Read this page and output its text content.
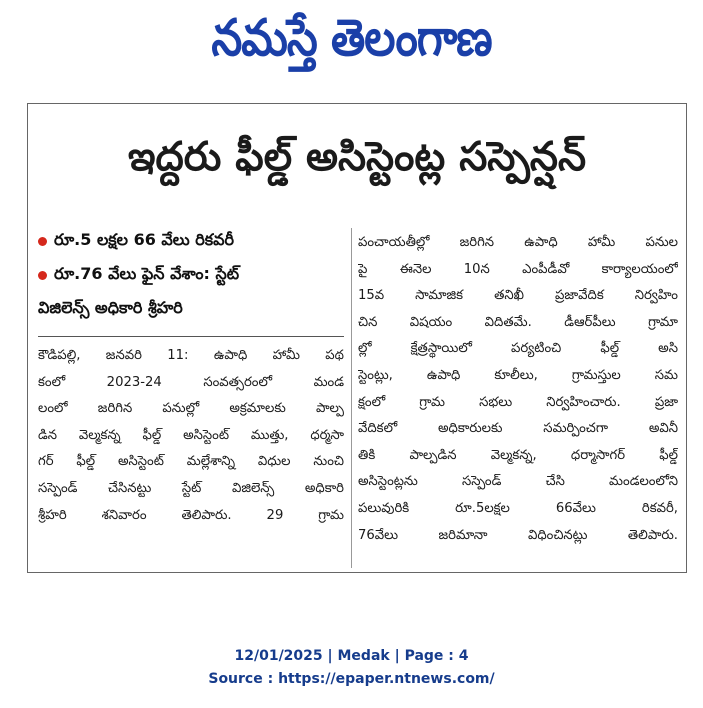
నమస్తే తెలంగాణ
ఇద్దరు ఫీల్డ్ అసిస్టెంట్ల సస్పెన్షన్
రూ.5 లక్షల 66 వేలు రికవరీ
రూ.76 వేలు ఫైన్ వేశాం: స్టేట్
విజిలెన్స్ అధికారి శ్రీహరి
కౌడిపల్లి, జనవరి 11: ఉపాధి హామీ పథ
కంలో 2023-24 సంవత్సరంలో మండ
లంలో జరిగిన పనుల్లో అక్రమాలకు పాల్ప
డిన వెల్మకన్న ఫీల్డ్ అసిస్టెంట్ ముత్తు, ధర్మసా
గర్ ఫీల్డ్ అసిస్టెంట్ మల్లేశాన్ని విధుల నుంచి
సస్పెండ్ చేసినట్టు స్టేట్ విజిలెన్స్ అధికారి
శ్రీహరి శనివారం తెలిపారు. 29 గ్రామ
పంచాయతీల్లో జరిగిన ఉపాధి హామీ పనుల
పై ఈనెల 10న ఎంపీడీవో కార్యాలయంలో
15వ సామాజిక తనిఖీ ప్రజావేదిక నిర్వహిం
చిన విషయం విదితమే. డీఆర్‌పీలు గ్రామా
ల్లో క్షేత్రస్థాయిలో పర్యటించి ఫీల్డ్ అసి
స్టెంట్లు, ఉపాధి కూలీలు, గ్రామస్తుల సమ
క్షంలో గ్రామ సభలు నిర్వహించారు. ప్రజా
వేదికలో అధికారులకు సమర్పించగా అవినీ
తికి పాల్పడిన వెల్మకన్న, ధర్మాసాగర్ ఫీల్డ్
అసిస్టెంట్లను సస్పెండ్ చేసి మండలంలోని
పలువురికి రూ.5లక్షల 66వేలు రికవరీ,
76వేలు జరిమానా విధించినట్లు తెలిపారు.
12/01/2025 | Medak | Page : 4
Source : https://epaper.ntnews.com/
